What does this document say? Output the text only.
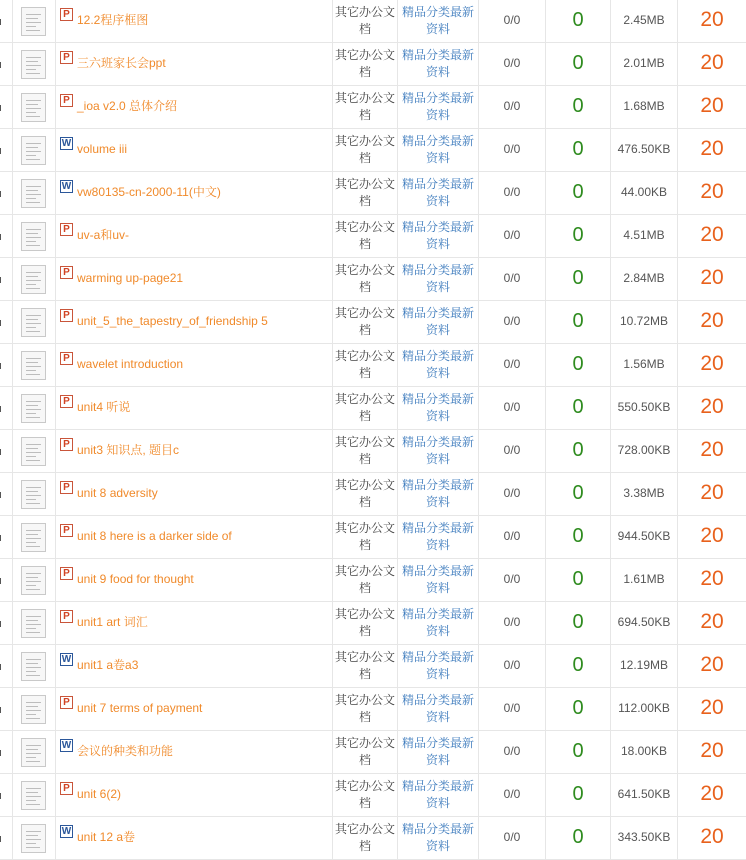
P 12.2程序框图
其它办公文
档
精品分类最新
资料
0/0	0	2.45MB	20
P 三六班家长会ppt
其它办公文
档
精品分类最新
资料
0/0	0	2.01MB	20
P _ioa v2.0 总体介绍
其它办公文
档
精品分类最新
资料
0/0	0	1.68MB	20
W volume iii
其它办公文
档
精品分类最新
资料
0/0	0	476.50KB	20
W vw80135-cn-2000-11(中文)
其它办公文
档
精品分类最新
资料
0/0	0	44.00KB	20
P uv-a和uv-
其它办公文
档
精品分类最新
资料
0/0	0	4.51MB	20
P warming up-page21
其它办公文
档
精品分类最新
资料
0/0	0	2.84MB	20
P unit_5_the_tapestry_of_friendship 5
其它办公文
档
精品分类最新
资料
0/0	0	10.72MB	20
P wavelet introduction
其它办公文
档
精品分类最新
资料
0/0	0	1.56MB	20
P unit4 听说
其它办公文
档
精品分类最新
资料
0/0	0	550.50KB	20
P unit3 知识点, 题目c
其它办公文
档
精品分类最新
资料
0/0	0	728.00KB	20
P unit 8 adversity
其它办公文
档
精品分类最新
资料
0/0	0	3.38MB	20
P unit 8 here is a darker side of
其它办公文
档
精品分类最新
资料
0/0	0	944.50KB	20
P unit 9 food for thought
其它办公文
档
精品分类最新
资料
0/0	0	1.61MB	20
P unit1 art 词汇
其它办公文
档
精品分类最新
资料
0/0	0	694.50KB	20
W unit1 a卷a3
其它办公文
档
精品分类最新
资料
0/0	0	12.19MB	20
P unit 7 terms of payment
其它办公文
档
精品分类最新
资料
0/0	0	112.00KB	20
W 会议的种类和功能
其它办公文
档
精品分类最新
资料
0/0	0	18.00KB	20
P unit 6(2)
其它办公文
档
精品分类最新
资料
0/0	0	641.50KB	20
W unit 12 a卷
其它办公文
档
精品分类最新
资料
0/0	0	343.50KB	20
